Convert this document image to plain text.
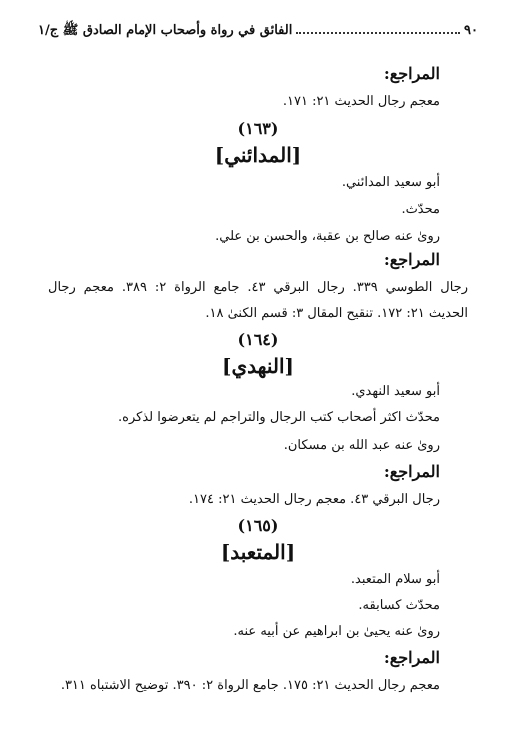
٩٠
الفائق في رواة وأصحاب الإمام الصادق ﷺ ج/١
المراجع:
معجم رجال الحديث ٢١: ١٧١.
(١٦٣)
[المدائني]
أبو سعيد المدائني.
محدّث.
روىٰ عنه صالح بن عقبة، والحسن بن علي.
المراجع:
رجال الطوسي ٣٣٩. رجال البرقي ٤٣. جامع الرواة ٢: ٣٨٩. معجم رجال
الحديث ٢١: ١٧٢. تنقيح المقال ٣: قسم الكنىٰ ١٨.
(١٦٤)
[النهدي]
أبو سعيد النهدي.
محدّث اكثر أصحاب كتب الرجال والتراجم لم يتعرضوا لذكره.
روىٰ عنه عبد الله بن مسكان.
المراجع:
رجال البرقي ٤٣. معجم رجال الحديث ٢١: ١٧٤.
(١٦٥)
[المتعبد]
أبو سلام المتعبد.
محدّث كسابقه.
روىٰ عنه يحيىٰ بن ابراهيم عن أبيه عنه.
المراجع:
معجم رجال الحديث ٢١: ١٧٥. جامع الرواة ٢: ٣٩٠. توضيح الاشتباه ٣١١.
